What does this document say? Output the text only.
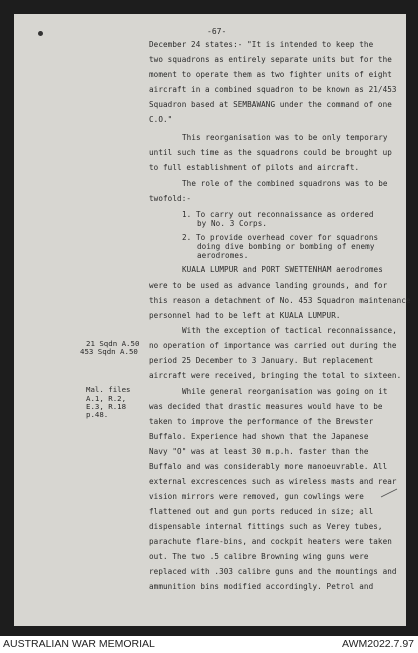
-67-
December 24 states:- "It is intended to keep the
two squadrons as entirely separate units but for the
moment to operate them as two fighter units of eight
aircraft in a combined squadron to be known as 21/453
Squadron based at SEMBAWANG under the command of one
C.O."
This reorganisation was to be only temporary
until such time as the squadrons could be brought up
to full establishment of pilots and aircraft.
The role of the combined squadrons was to be
twofold:-
1. To carry out reconnaissance as ordered
by No. 3 Corps.
2. To provide overhead cover for squadrons
doing dive bombing or bombing of enemy
aerodromes.
KUALA LUMPUR and PORT SWETTENHAM aerodromes
were to be used as advance landing grounds, and for
this reason a detachment of No. 453 Squadron maintenance
personnel had to be left at KUALA LUMPUR.
With the exception of tactical reconnaissance,
no operation of importance was carried out during the
period 25 December to 3 January. But replacement
aircraft were received, bringing the total to sixteen.
While general reorganisation was going on it
was decided that drastic measures would have to be
taken to improve the performance of the Brewster
Buffalo. Experience had shown that the Japanese
Navy "O" was at least 30 m.p.h. faster than the
Buffalo and was considerably more manoeuvrable. All
external excrescences such as wireless masts and rear
vision mirrors were removed, gun cowlings were
flattened out and gun ports reduced in size; all
dispensable internal fittings such as Verey tubes,
parachute flare-bins, and cockpit heaters were taken
out. The two .5 calibre Browning wing guns were
replaced with .303 calibre guns and the mountings and
ammunition bins modified accordingly. Petrol and
21 Sqdn A.50
453 Sqdn A.50
Mal. files
A.1, R.2,
E.3, R.18
p.48.
AUSTRALIAN WAR MEMORIAL	AWM2022.7.97
